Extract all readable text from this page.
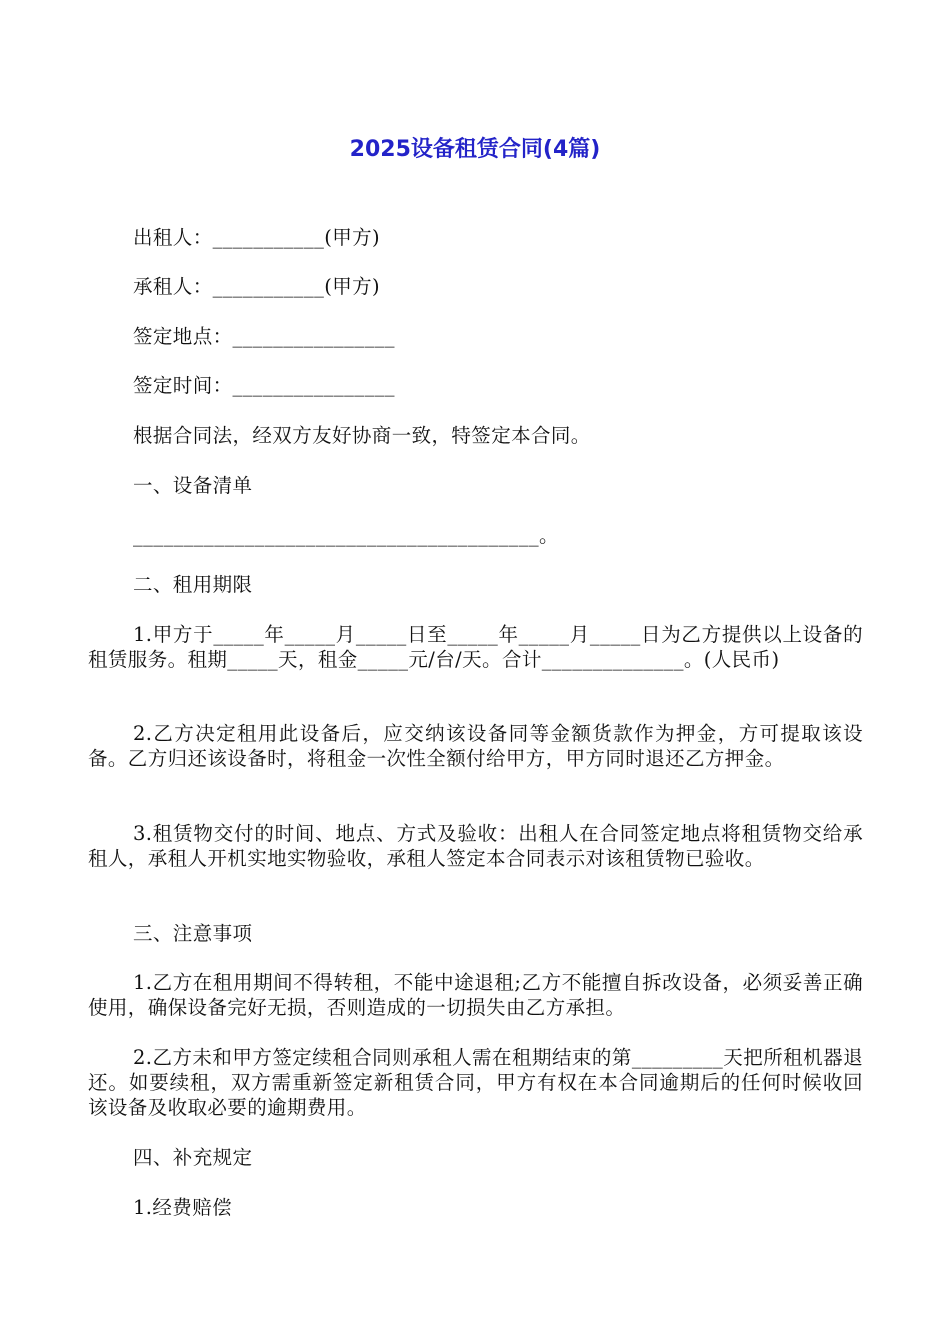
2025设备租赁合同(4篇)

出租人：___________(甲方)

承租人：___________(甲方)

签定地点：________________

签定时间：________________

根据合同法，经双方友好协商一致，特签定本合同。

一、设备清单

________________________________________。

二、租用期限

1.甲方于_____年_____月_____日至_____年_____月_____日为乙方提供以上设备的租赁服务。租期_____天，租金_____元/台/天。合计______________。(人民币)

2.乙方决定租用此设备后，应交纳该设备同等金额货款作为押金，方可提取该设备。乙方归还该设备时，将租金一次性全额付给甲方，甲方同时退还乙方押金。

3.租赁物交付的时间、地点、方式及验收：出租人在合同签定地点将租赁物交给承租人，承租人开机实地实物验收，承租人签定本合同表示对该租赁物已验收。

三、注意事项

1.乙方在租用期间不得转租，不能中途退租;乙方不能擅自拆改设备，必须妥善正确使用，确保设备完好无损，否则造成的一切损失由乙方承担。

2.乙方未和甲方签定续租合同则承租人需在租期结束的第_________天把所租机器退还。如要续租，双方需重新签定新租赁合同，甲方有权在本合同逾期后的任何时候收回该设备及收取必要的逾期费用。

四、补充规定

1.经费赔偿
